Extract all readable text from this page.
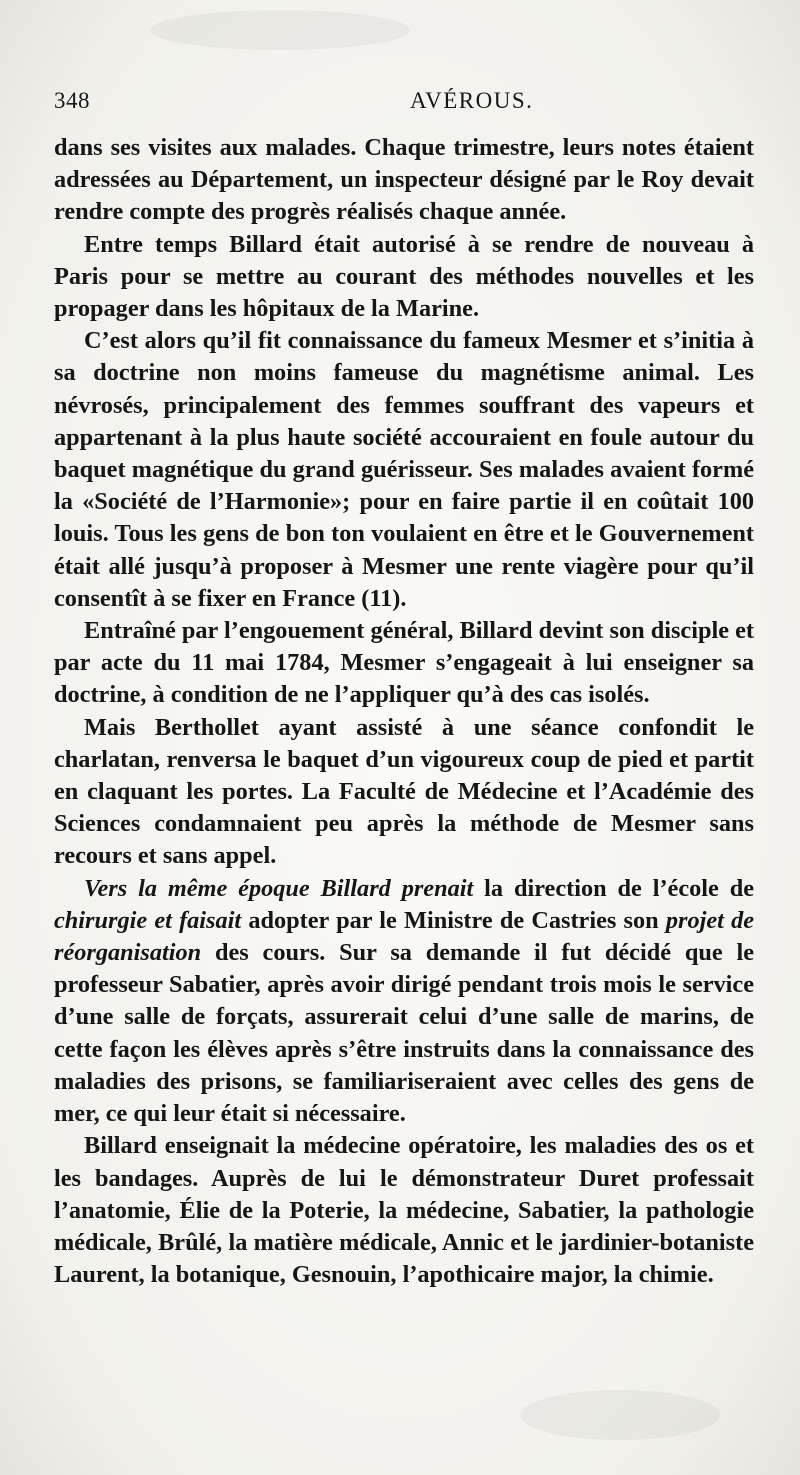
348	AVÉROUS.

dans ses visites aux malades. Chaque trimestre, leurs notes étaient adressées au Département, un inspecteur désigné par le Roy devait rendre compte des progrès réalisés chaque année.

Entre temps Billard était autorisé à se rendre de nouveau à Paris pour se mettre au courant des méthodes nouvelles et les propager dans les hôpitaux de la Marine.

C’est alors qu’il fit connaissance du fameux Mesmer et s’initia à sa doctrine non moins fameuse du magnétisme animal. Les névrosés, principalement des femmes souffrant des vapeurs et appartenant à la plus haute société accouraient en foule autour du baquet magnétique du grand guérisseur. Ses malades avaient formé la «Société de l’Harmonie»; pour en faire partie il en coûtait 100 louis. Tous les gens de bon ton voulaient en être et le Gouvernement était allé jusqu’à proposer à Mesmer une rente viagère pour qu’il consentît à se fixer en France (11).

Entraîné par l’engouement général, Billard devint son disciple et par acte du 11 mai 1784, Mesmer s’engageait à lui enseigner sa doctrine, à condition de ne l’appliquer qu’à des cas isolés.

Mais Berthollet ayant assisté à une séance confondit le charlatan, renversa le baquet d’un vigoureux coup de pied et partit en claquant les portes. La Faculté de Médecine et l’Académie des Sciences condamnaient peu après la méthode de Mesmer sans recours et sans appel.

Vers la même époque Billard prenait la direction de l’école de chirurgie et faisait adopter par le Ministre de Castries son projet de réorganisation des cours. Sur sa demande il fut décidé que le professeur Sabatier, après avoir dirigé pendant trois mois le service d’une salle de forçats, assurerait celui d’une salle de marins, de cette façon les élèves après s’être instruits dans la connaissance des maladies des prisons, se familiariseraient avec celles des gens de mer, ce qui leur était si nécessaire.

Billard enseignait la médecine opératoire, les maladies des os et les bandages. Auprès de lui le démonstrateur Duret professait l’anatomie, Élie de la Poterie, la médecine, Sabatier, la pathologie médicale, Brûlé, la matière médicale, Annic et le jardinier-botaniste Laurent, la botanique, Gesnouin, l’apothicaire major, la chimie.
